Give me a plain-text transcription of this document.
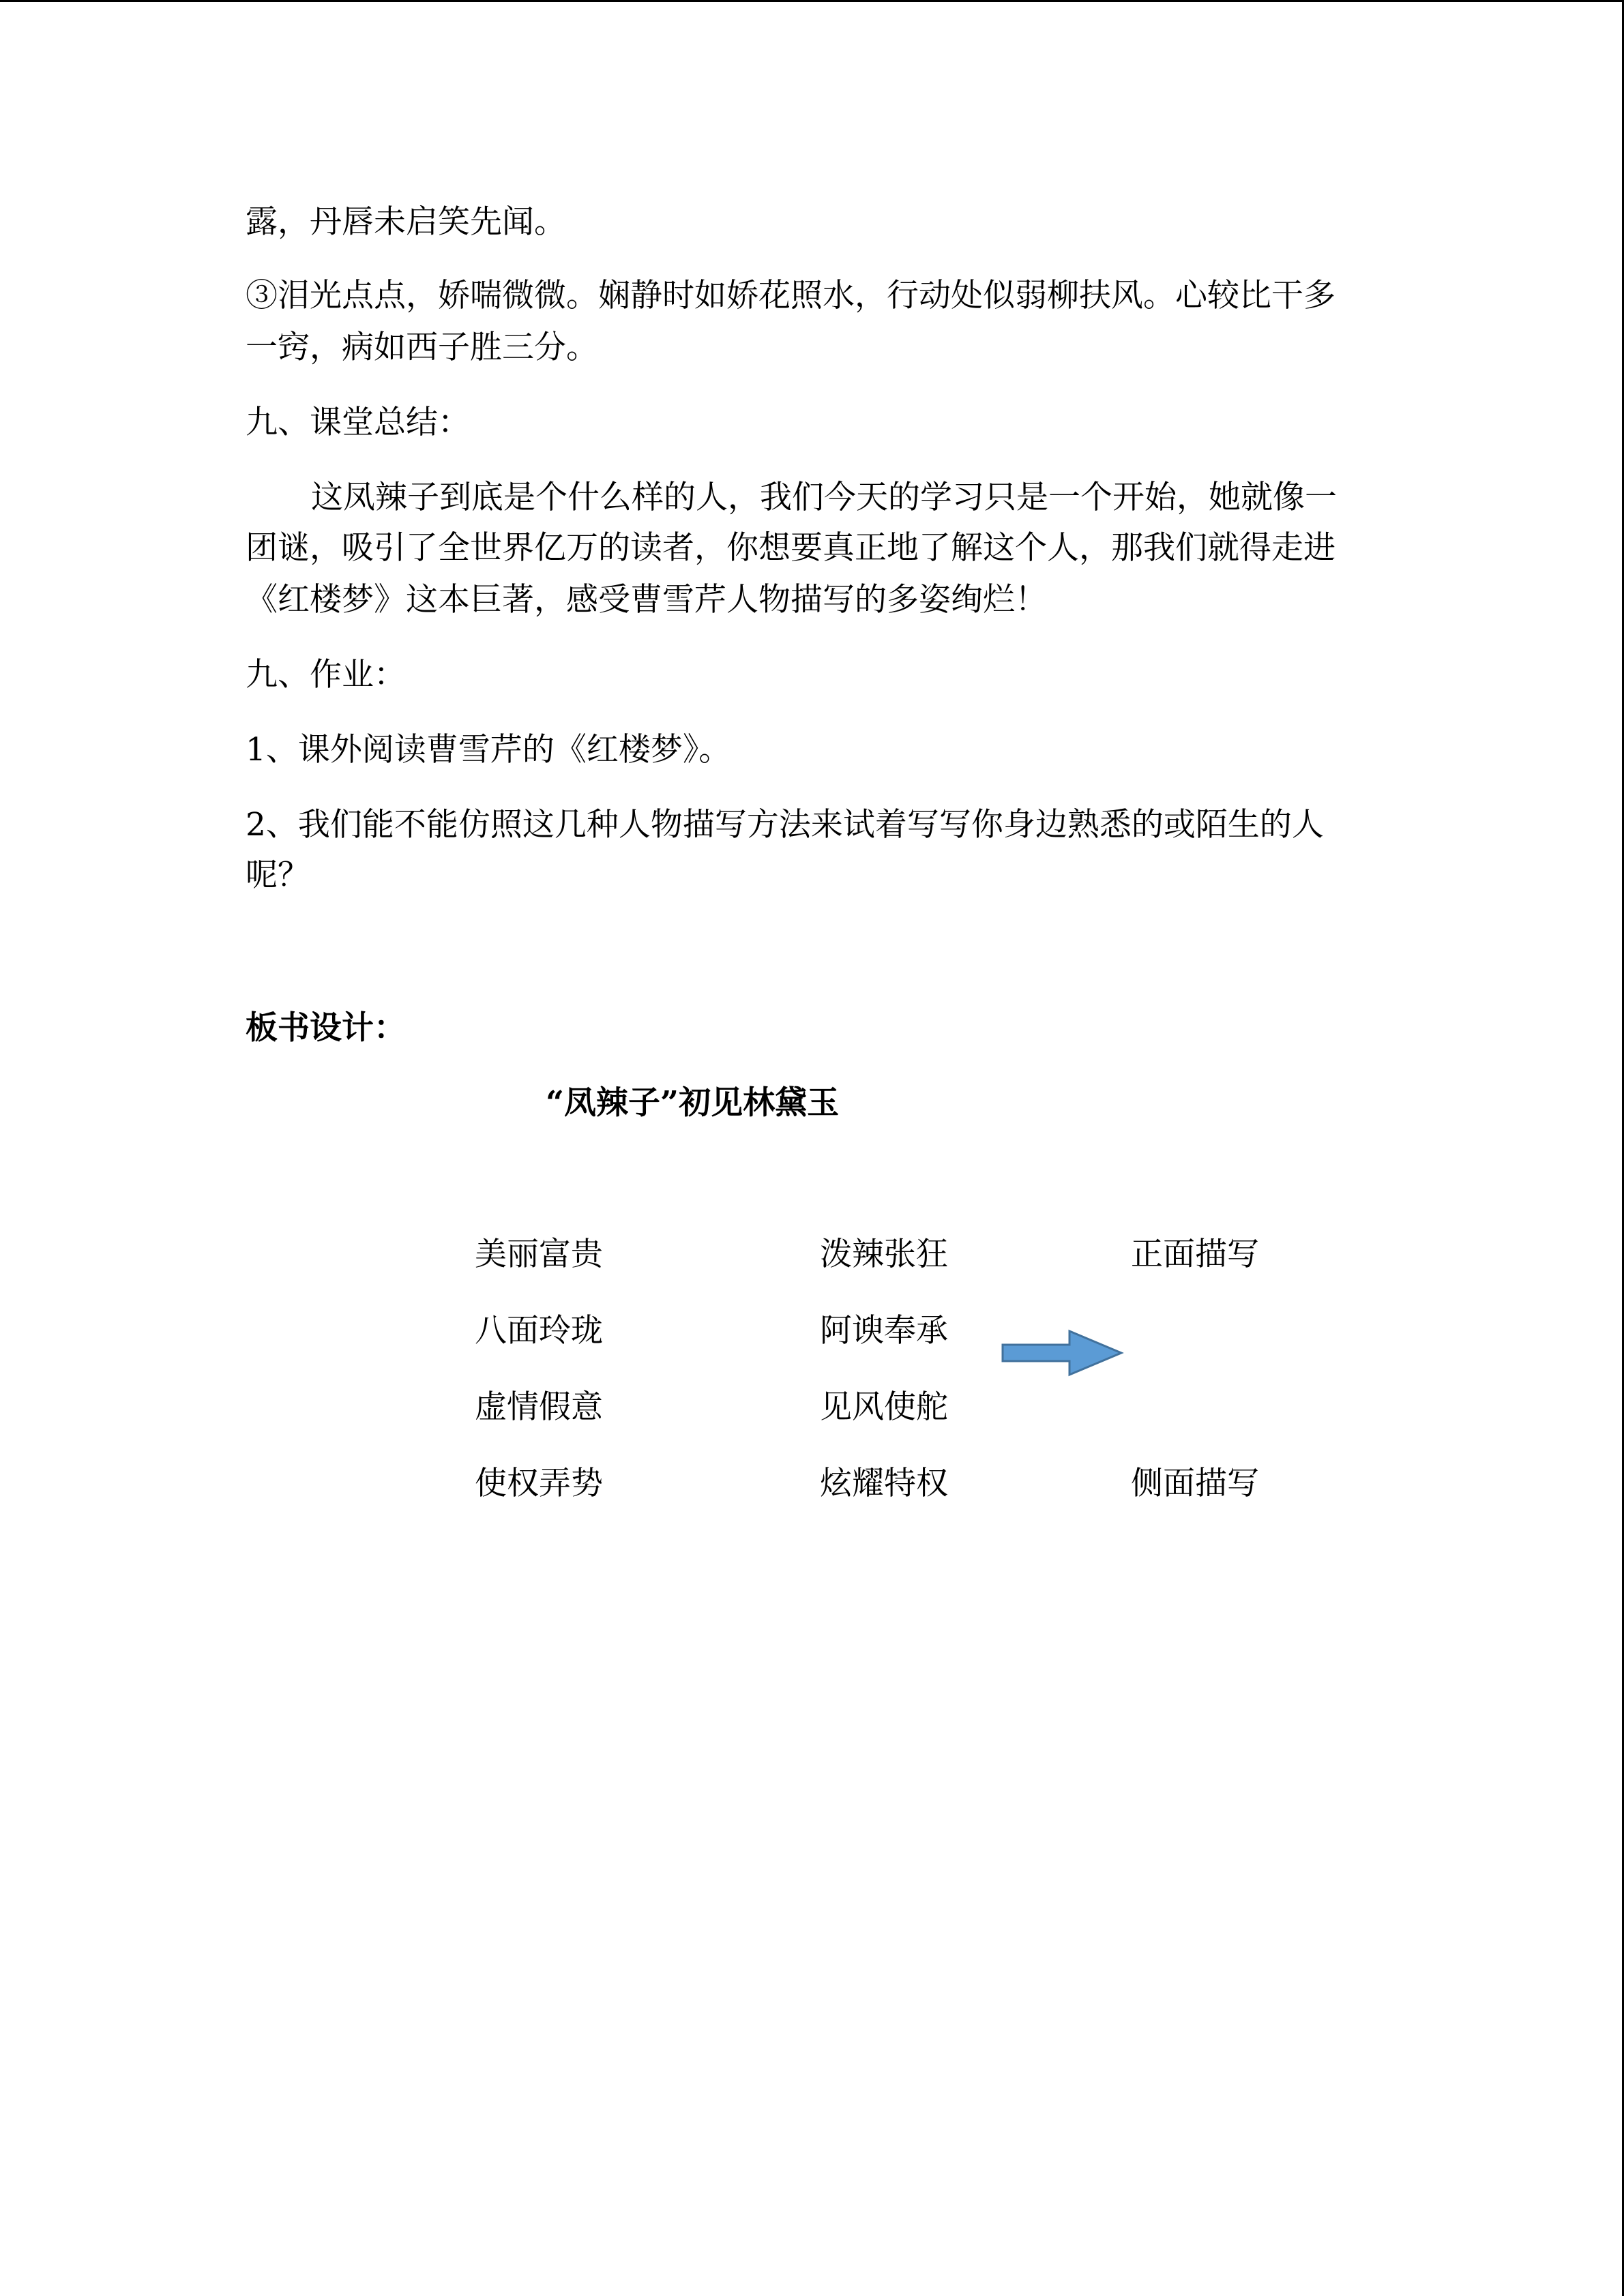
露，丹唇未启笑先闻。
③泪光点点，娇喘微微。娴静时如娇花照水，行动处似弱柳扶风。心较比干多
一窍，病如西子胜三分。
九、课堂总结：
这凤辣子到底是个什么样的人，我们今天的学习只是一个开始，她就像一
团谜，吸引了全世界亿万的读者，你想要真正地了解这个人，那我们就得走进
《红楼梦》这本巨著，感受曹雪芹人物描写的多姿绚烂！
九、作业：
1、课外阅读曹雪芹的《红楼梦》。
2、我们能不能仿照这几种人物描写方法来试着写写你身边熟悉的或陌生的人
呢？
板书设计：
“凤辣子”初见林黛玉
美丽富贵
八面玲珑
虚情假意
使权弄势
泼辣张狂
阿谀奉承
见风使舵
炫耀特权
正面描写
侧面描写
